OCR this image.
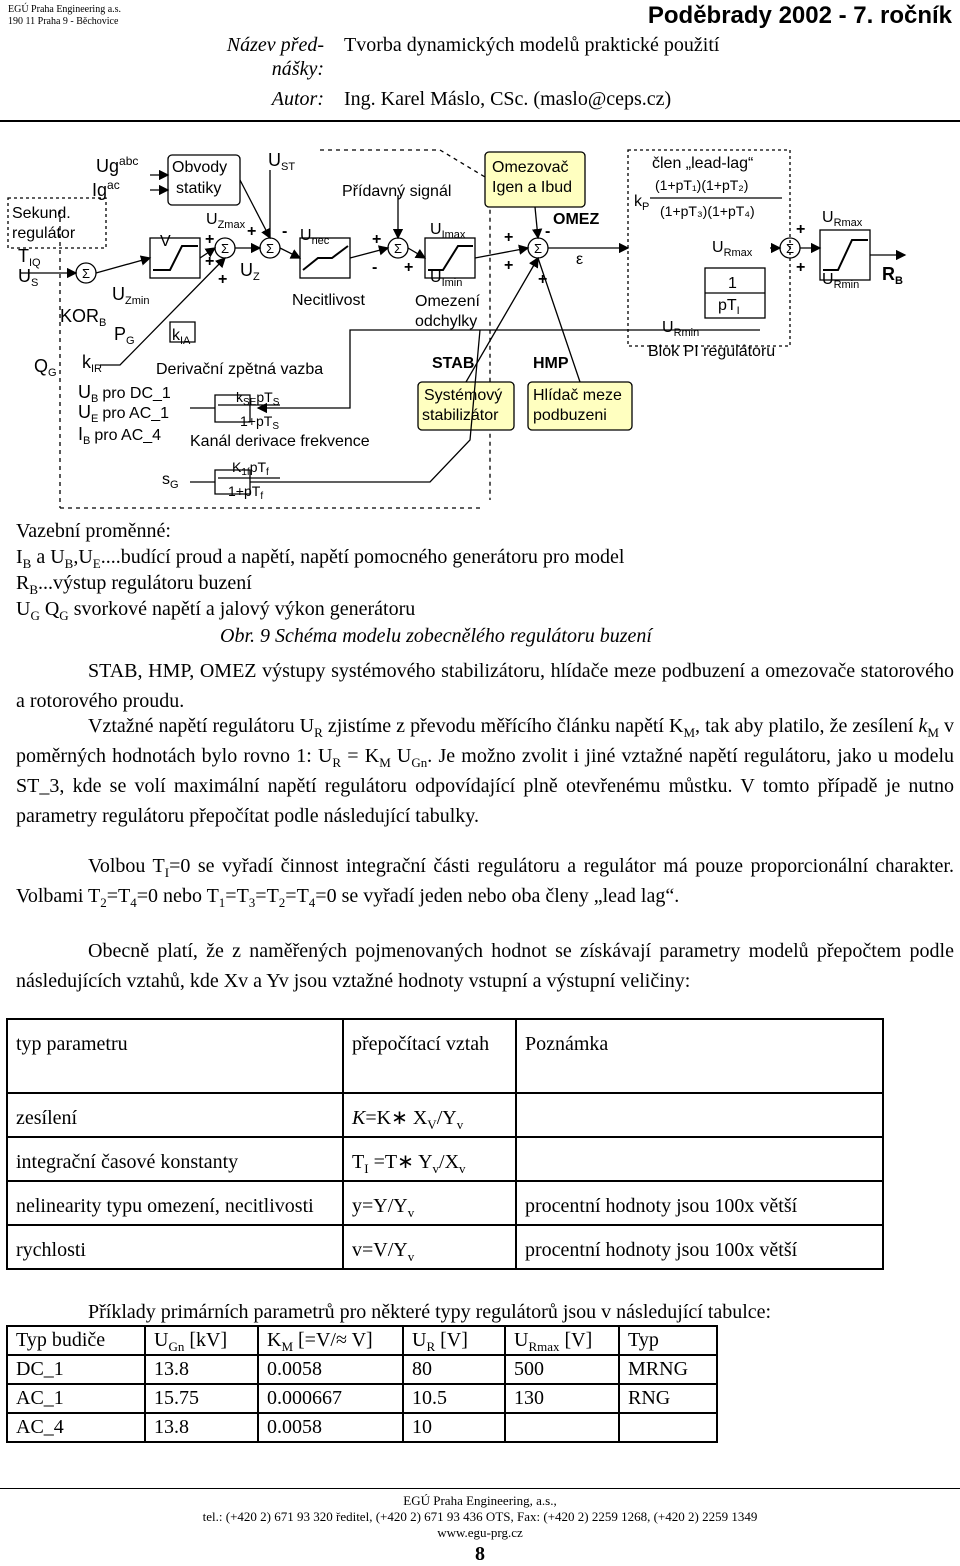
EGÚ Praha Engineering a.s.
190 11 Praha 9 - Běchovice	Poděbrady 2002 - 7. ročník
Název před-
nášky:
Tvorba dynamických modelů praktické použití
Autor: Ing. Karel Máslo, CSc. (maslo@ceps.cz)
$Ug^{abc}$
$Ig^{ac}$
Sekund.
regulátor
$T_{IQ}$
$U_S$
$KOR_B$
$U_{Zmin}$
$P_G$
$Q_G$
$k_{IR}$
$k_{IA}$
V
Obvody
statiky
$U_{Zmax}$
$U_{ST}$
$U_Z$
$U_{nec}$
Přídavný signál
Necitlivost
$U_{Imax}$
$U_{Imin}$
Omezení
odchylky
STAB
Systémový
stabilizátor
Omezovač
Igen a Ibud
OMEZ
ε
HMP
Hlídač meze
podbuzeni
člen „lead-lag“
(1+pT₁)(1+pT₂)
(1+pT₃)(1+pT₄)
$k_P$
$U_{Rmax}$
1
$pT_I$
$U_{Rmin}$
Blok PI regulátoru
$U_{Rmax}$
$U_{Rmin}$
$R_B$
Derivační zpětná vazba
$U_B$ pro DC_1
$U_E$ pro AC_1
$I_B$ pro AC_4
$k_{SE}pT_S$
$1+pT_S$
Kanál derivace frekvence
$s_G$
$K_{1f}pT_f$
$1+pT_f$
Σ
Σ	Σ	Σ	Σ	Σ
+
+
+
+ -	+
- +
+
+
-
+
+
+
Vazební proměnné:
$I_B$ a $U_B,U_E....budící$ proud a napětí, napětí pomocného generátoru pro model
$R_B...výstup$ regulátoru buzení
$U_G$ $Q_G$ svorkové napětí a jalový výkon generátoru
Obr. 9 Schéma modelu zobecnělého regulátoru buzení
STAB, HMP, OMEZ výstupy systémového stabilizátoru, hlídače meze podbuzení a omezovače statorového a rotorového proudu.
Vztažné napětí regulátoru $U_R$ zjistíme z převodu měřícího článku napětí $K_M$, tak aby platilo, že zesílení $k_M$ v poměrných hodnotách bylo rovno 1: $U_R = K_M$ $U_{Gn}$. Je možno zvolit i jiné vztažné napětí regulátoru, jako u modelu ST_3, kde se volí maximální napětí regulátoru odpovídající plně otevřenému můstku. V tomto případě je nutno parametry regulátoru přepočítat podle následující tabulky.
Volbou $T_I=0$ se vyřadí činnost integrační části regulátoru a regulátor má pouze proporcionální charakter. Volbami $T_2=T_4=0$ nebo $T_1=T_3=T_2=T_4=0$ se vyřadí jeden nebo oba členy „lead lag“.
Obecně platí, že z naměřených pojmenovaných hodnot se získávají parametry modelů přepočtem podle následujících vztahů, kde Xv a Yv jsou vztažné hodnoty vstupní a výstupní veličiny:
typ parametru	přepočítací vztah	Poznámka
zesílení	K=K∗ $X_V/Y_v$	
integrační časové konstanty	$T_I$ =T∗ $Y_v/X_v$	
nelinearity typu omezení, necitlivosti	$y=Y/Y_v$	procentní hodnoty jsou 100x větší
rychlosti	$v=V/Y_v$	procentní hodnoty jsou 100x větší
Příklady primárních parametrů pro některé typy regulátorů jsou v následující tabulce:
Typ budiče	$U_{Gn}$ [kV]	$K_M$ [=V/≈ V]	$U_R$ [V]	$U_{Rmax}$ [V]	Typ
DC_1	13.8	0.0058	80	500	MRNG
AC_1	15.75	0.000667	10.5	130	RNG
AC_4	13.8	0.0058	10		
EGÚ Praha Engineering, a.s.,
tel.: (+420 2) 671 93 320 ředitel, (+420 2) 671 93 436 OTS, Fax: (+420 2) 2259 1268, (+420 2) 2259 1349
www.egu-prg.cz
8
